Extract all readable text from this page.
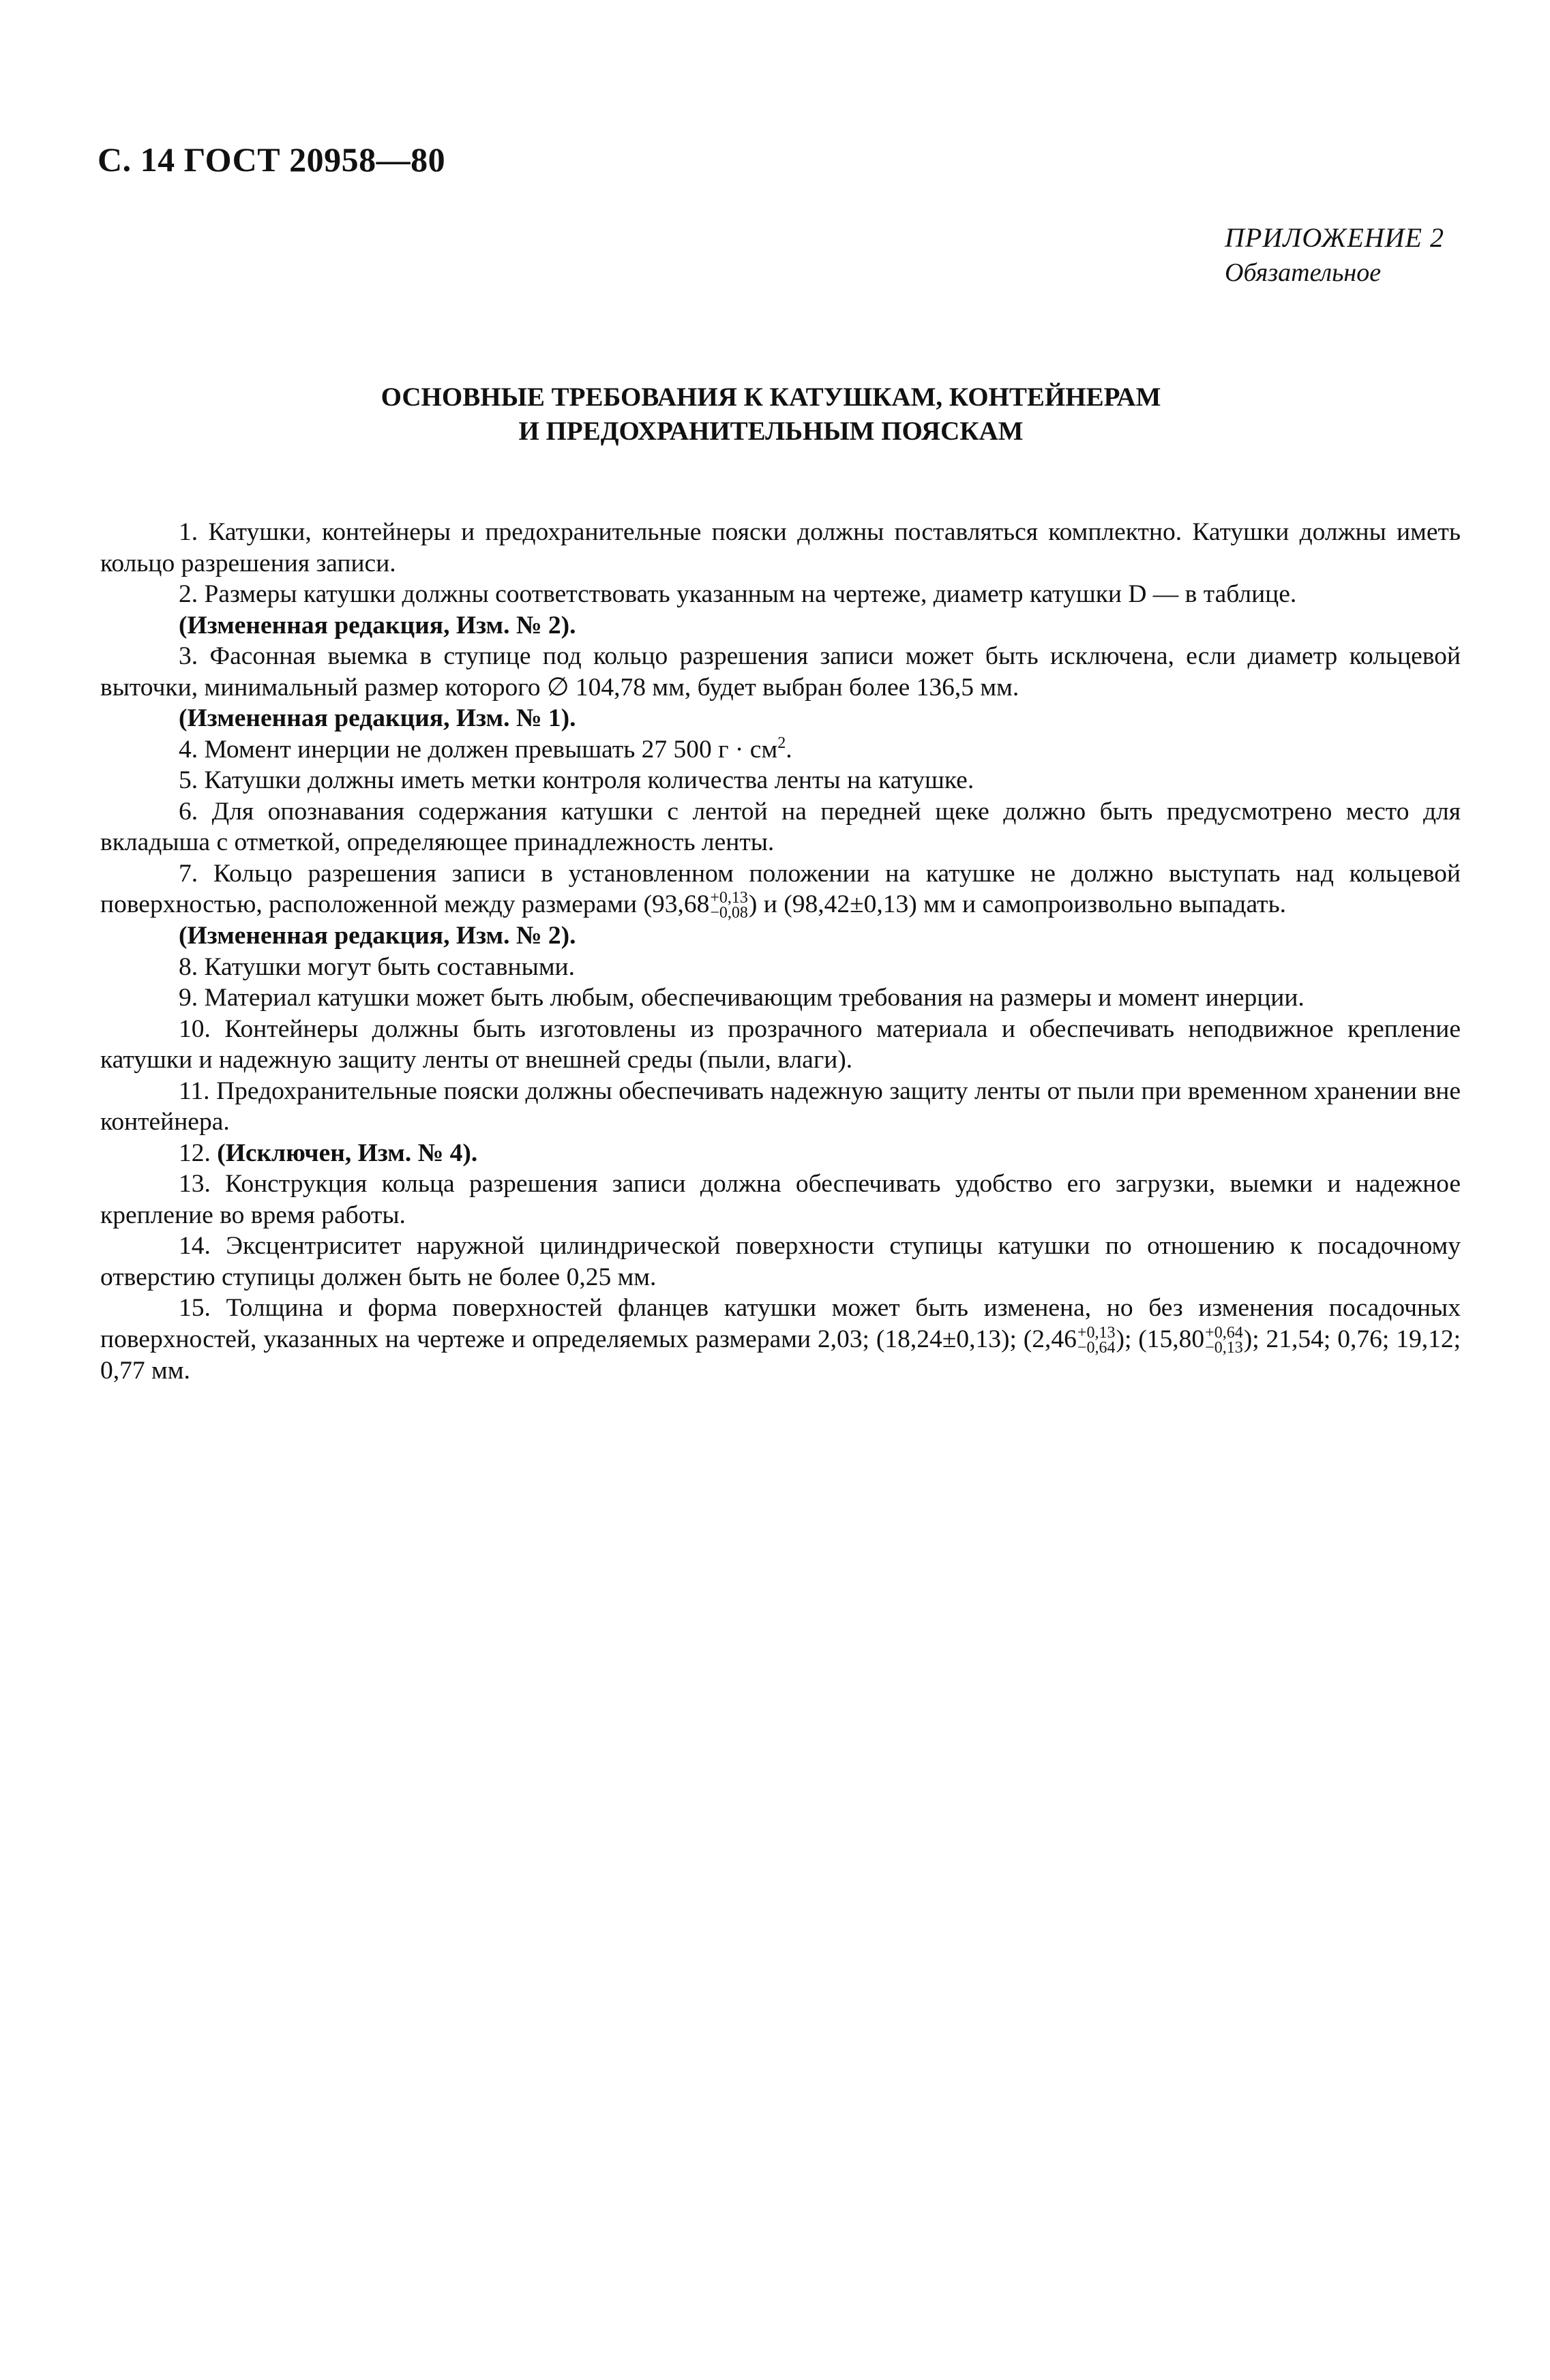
С. 14 ГОСТ 20958—80
ПРИЛОЖЕНИЕ 2
Обязательное
ОСНОВНЫЕ ТРЕБОВАНИЯ К КАТУШКАМ, КОНТЕЙНЕРАМ
И ПРЕДОХРАНИТЕЛЬНЫМ ПОЯСКАМ

1. Катушки, контейнеры и предохранительные пояски должны поставляться комплектно. Катушки должны иметь кольцо разрешения записи.

2. Размеры катушки должны соответствовать указанным на чертеже, диаметр катушки D — в таблице.

(Измененная редакция, Изм. № 2).

3. Фасонная выемка в ступице под кольцо разрешения записи может быть исключена, если диаметр кольцевой выточки, минимальный размер которого ∅ 104,78 мм, будет выбран более 136,5 мм.

(Измененная редакция, Изм. № 1).

4. Момент инерции не должен превышать 27 500 $г \cdot см^2$.

5. Катушки должны иметь метки контроля количества ленты на катушке.

6. Для опознавания содержания катушки с лентой на передней щеке должно быть предусмотрено место для вкладыша с отметкой, определяющее принадлежность ленты.

7. Кольцо разрешения записи в установленном положении на катушке не должно выступать над кольцевой поверхностью, расположенной между размерами (93,68 +0,13
−0,08 ) и (98,42±0,13) мм и самопроизвольно выпадать.

(Измененная редакция, Изм. № 2).

8. Катушки могут быть составными.

9. Материал катушки может быть любым, обеспечивающим требования на размеры и момент инерции.

10. Контейнеры должны быть изготовлены из прозрачного материала и обеспечивать неподвижное крепление катушки и надежную защиту ленты от внешней среды (пыли, влаги).

11. Предохранительные пояски должны обеспечивать надежную защиту ленты от пыли при временном хранении вне контейнера.

12. (Исключен, Изм. № 4).

13. Конструкция кольца разрешения записи должна обеспечивать удобство его загрузки, выемки и надежное крепление во время работы.

14. Эксцентриситет наружной цилиндрической поверхности ступицы катушки по отношению к посадочному отверстию ступицы должен быть не более 0,25 мм.

15. Толщина и форма поверхностей фланцев катушки может быть изменена, но без изменения посадочных поверхностей, указанных на чертеже и определяемых размерами 2,03; (18,24±0,13); (2,46 +0,13
−0,64 ); (15,80 +0,64
−0,13 ); 21,54; 0,76; 19,12; 0,77 мм.
